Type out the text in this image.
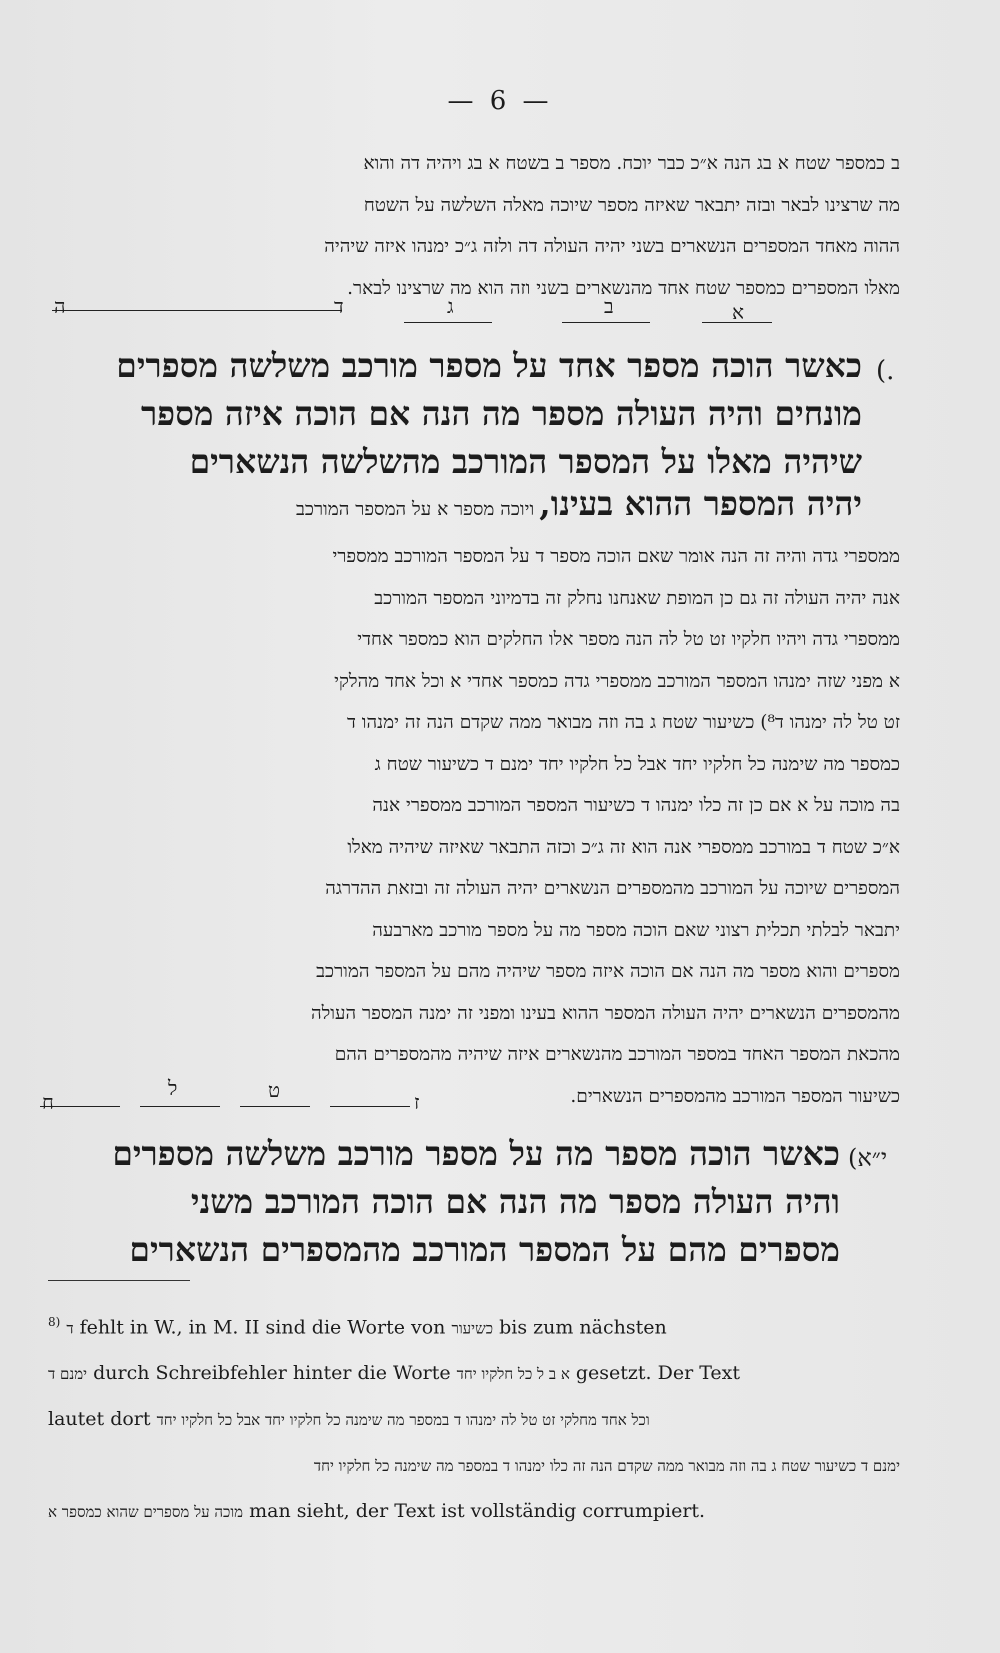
— 6 —
ב כמספר שטח א בג הנה א״כ כבר יוכח. מספר ב בשטח א בג ויהיה דה והוא
מה שרצינו לבאר ובזה יתבאר שאיזה מספר שיוכה מאלה השלשה על השטח
ההוה מאחד המספרים הנשארים בשני יהיה העולה דה ולזה ג״כ ימנהו איזה שיהיה
מאלו המספרים כמספר שטח אחד מהנשארים בשני וזה הוא מה שרצינו לבאר.
ה	ד	ג	ב	א
(.
כאשר הוכה מספר אחד על מספר מורכב משלשה מספרים
מונחים והיה העולה מספר מה הנה אם הוכה איזה מספר
שיהיה מאלו על המספר המורכב מהשלשה הנשארים
יהיה המספר ההוא בעינו, ויוכה מספר א על המספר המורכב
ממספרי גדה והיה זה הנה אומר שאם הוכה מספר ד על המספר המורכב ממספרי
אנה יהיה העולה זה גם כן המופת שאנחנו נחלק זה בדמיוני המספר המורכב
ממספרי גדה ויהיו חלקיו זט טל לה הנה מספר אלו החלקים הוא כמספר אחדי
א מפני שזה ימנהו המספר המורכב ממספרי גדה כמספר אחדי א וכל אחד מהלקי
זט טל לה ימנהו ד⁸) כשיעור שטח ג בה וזה מבואר ממה שקדם הנה זה ימנהו ד
כמספר מה שימנה כל חלקיו יחד אבל כל חלקיו יחד ימנם ד כשיעור שטח ג
בה מוכה על א אם כן זה כלו ימנהו ד כשיעור המספר המורכב ממספרי אנה
א״כ שטח ד במורכב ממספרי אנה הוא זה ג״כ וכזה התבאר שאיזה שיהיה מאלו
המספרים שיוכה על המורכב מהמספרים הנשארים יהיה העולה זה ובזאת ההדרגה
יתבאר לבלתי תכלית רצוני שאם הוכה מספר מה על מספר מורכב מארבעה
מספרים והוא מספר מה הנה אם הוכה איזה מספר שיהיה מהם על המספר המורכב
מהמספרים הנשארים יהיה העולה המספר ההוא בעינו ומפני זה ימנה המספר העולה
מהכאת המספר האחד במספר המורכב מהנשארים איזה שיהיה מהמספרים ההם
כשיעור המספר המורכב מהמספרים הנשארים.
ח
ל	ט	ז
י״א)
כאשר הוכה מספר מה על מספר מורכב משלשה מספרים
והיה העולה מספר מה הנה אם הוכה המורכב משני
מספרים מהם על המספר המורכב מהמספרים הנשארים
$^{8)}$ ד fehlt in W., in M. II sind die Worte von כשיעור bis zum nächsten
ימנם ד durch Schreibfehler hinter die Worte א ב ל כל חלקיו יחד gesetzt. Der Text
lautet dort וכל אחד מחלקי זט טל לה ימנהו ד במספר מה שימנה כל חלקיו יחד אבל כל חלקיו יחד
ימנם ד כשיעור שטח ג בה וזה מבואר ממה שקדם הנה זה כלו ימנהו ד במספר מה שימנה כל חלקיו יחד
מוכה על מספרים שהוא כמספר א man sieht, der Text ist vollständig corrumpiert.
